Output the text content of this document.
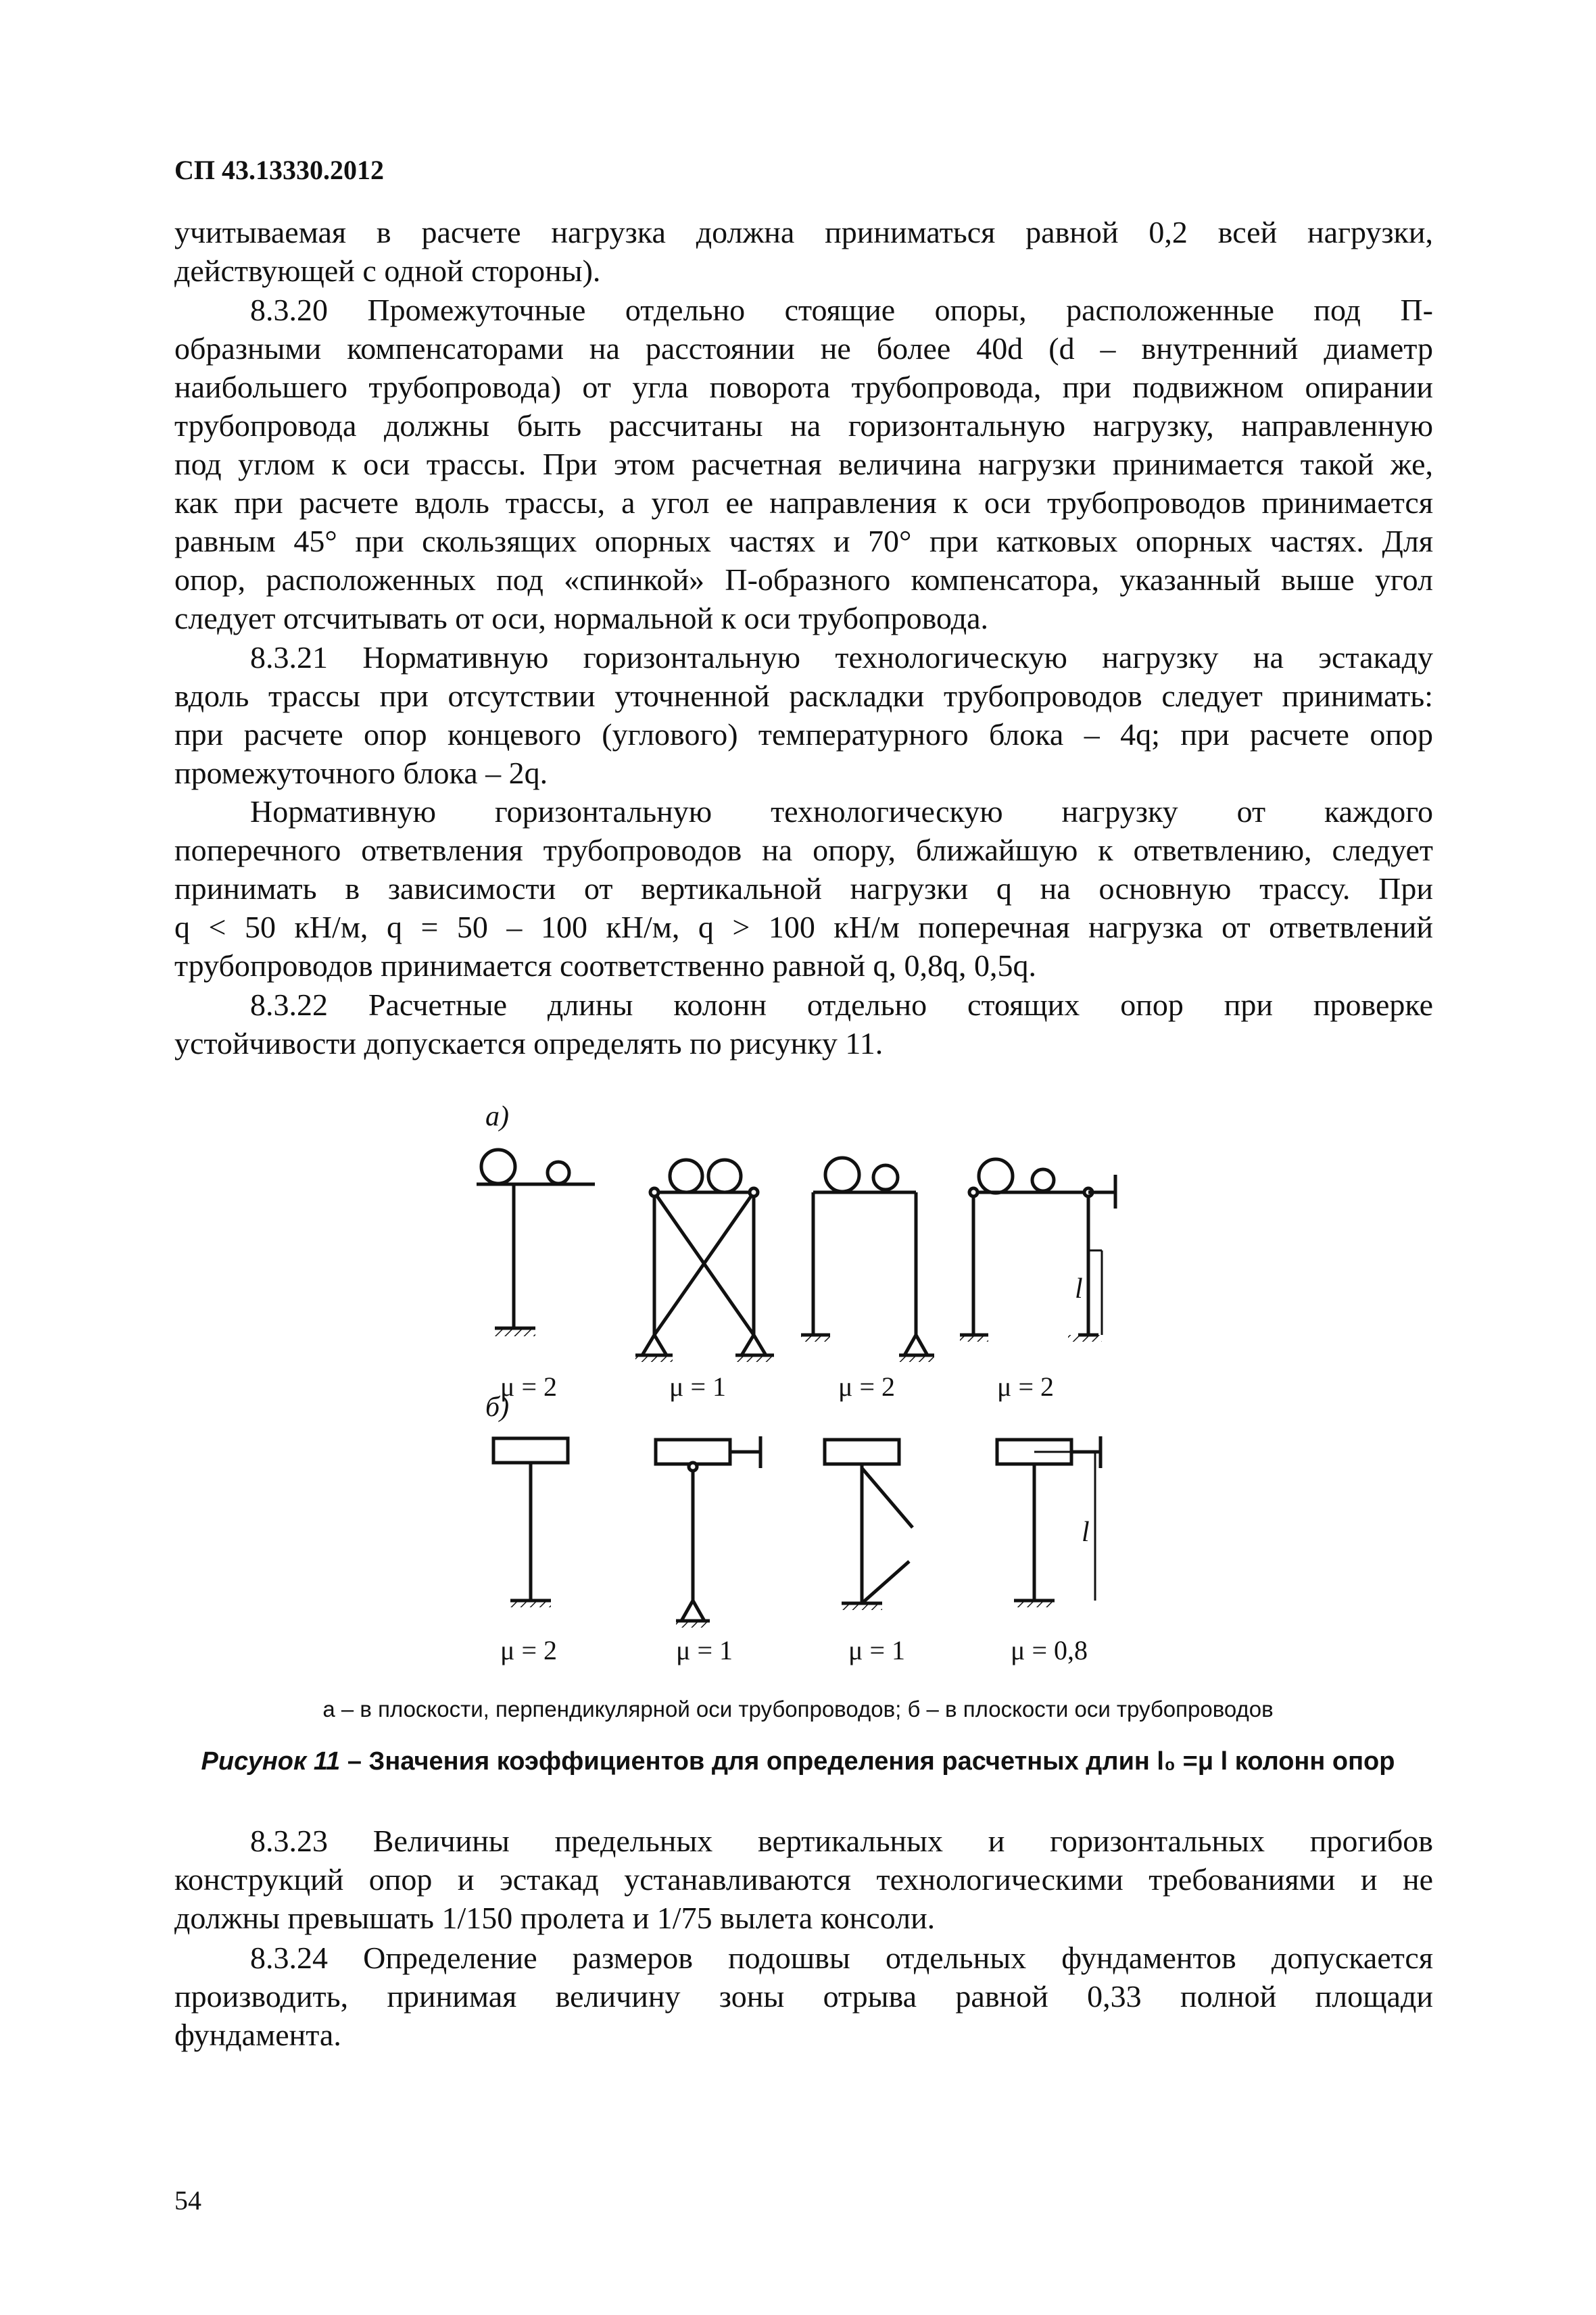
СП 43.13330.2012
учитываемая в расчете нагрузка должна приниматься равной 0,2 всей нагрузки,
действующей с одной стороны).
8.3.20 Промежуточные отдельно стоящие опоры, расположенные под П-
образными компенсаторами на расстоянии не более 40d (d – внутренний диаметр
наибольшего трубопровода) от угла поворота трубопровода, при подвижном опирании
трубопровода должны быть рассчитаны на горизонтальную нагрузку, направленную
под углом к оси трассы. При этом расчетная величина нагрузки принимается такой же,
как при расчете вдоль трассы, а угол ее направления к оси трубопроводов принимается
равным 45° при скользящих опорных частях и 70° при катковых опорных частях. Для
опор, расположенных под «спинкой» П-образного компенсатора, указанный выше угол
следует отсчитывать от оси, нормальной к оси трубопровода.
8.3.21 Нормативную горизонтальную технологическую нагрузку на эстакаду
вдоль трассы при отсутствии уточненной раскладки трубопроводов следует принимать:
при расчете опор концевого (углового) температурного блока – 4q; при расчете опор
промежуточного блока – 2q.
Нормативную горизонтальную технологическую нагрузку от каждого
поперечного ответвления трубопроводов на опору, ближайшую к ответвлению, следует
принимать в зависимости от вертикальной нагрузки q на основную трассу. При
q < 50 кН/м, q = 50 – 100 кН/м, q > 100 кН/м поперечная нагрузка от ответвлений
трубопроводов принимается соответственно равной q, 0,8q, 0,5q.
8.3.22 Расчетные длины колонн отдельно стоящих опор при проверке
устойчивости допускается определять по рисунку 11.
а)
б)
l
l
μ = 2	μ = 1	μ = 2	μ = 2
μ = 2	μ = 1	μ = 1	μ = 0,8
а – в плоскости, перпендикулярной оси трубопроводов; б – в плоскости оси трубопроводов
Рисунок 11 – Значения коэффициентов для определения расчетных длин l₀ =μ l колонн опор
8.3.23 Величины предельных вертикальных и горизонтальных прогибов
конструкций опор и эстакад устанавливаются технологическими требованиями и не
должны превышать 1/150 пролета и 1/75 вылета консоли.
8.3.24 Определение размеров подошвы отдельных фундаментов допускается
производить, принимая величину зоны отрыва равной 0,33 полной площади
фундамента.
54
